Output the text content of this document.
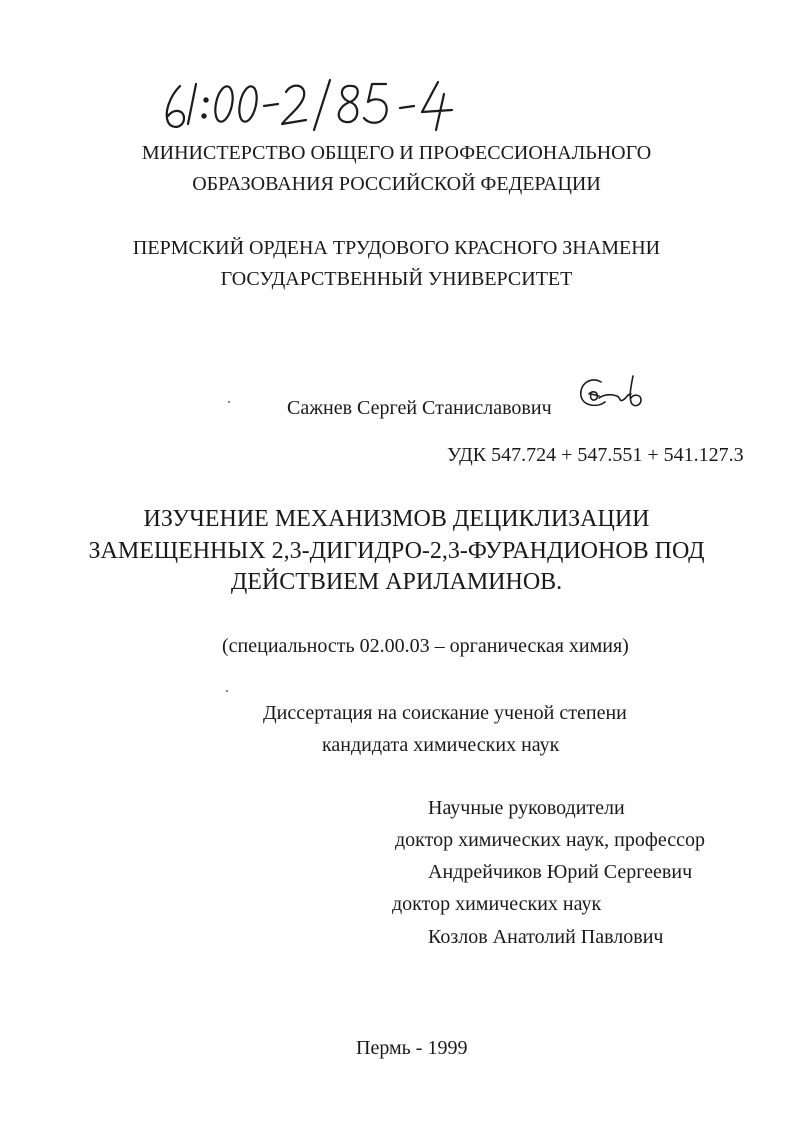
МИНИСТЕРСТВО ОБЩЕГО И ПРОФЕССИОНАЛЬНОГО
ОБРАЗОВАНИЯ РОССИЙСКОЙ ФЕДЕРАЦИИ
ПЕРМСКИЙ ОРДЕНА ТРУДОВОГО КРАСНОГО ЗНАМЕНИ
ГОСУДАРСТВЕННЫЙ УНИВЕРСИТЕТ
Сажнев Сергей Станиславович
УДК 547.724 + 547.551 + 541.127.3
ИЗУЧЕНИЕ МЕХАНИЗМОВ ДЕЦИКЛИЗАЦИИ
ЗАМЕЩЕННЫХ 2,3-ДИГИДРО-2,3-ФУРАНДИОНОВ ПОД
ДЕЙСТВИЕМ АРИЛАМИНОВ.
(специальность 02.00.03 – органическая химия)
Диссертация на соискание ученой степени
кандидата химических наук
Научные руководители
доктор химических наук, профессор
Андрейчиков Юрий Сергеевич
доктор химических наук
Козлов Анатолий Павлович
Пермь - 1999
